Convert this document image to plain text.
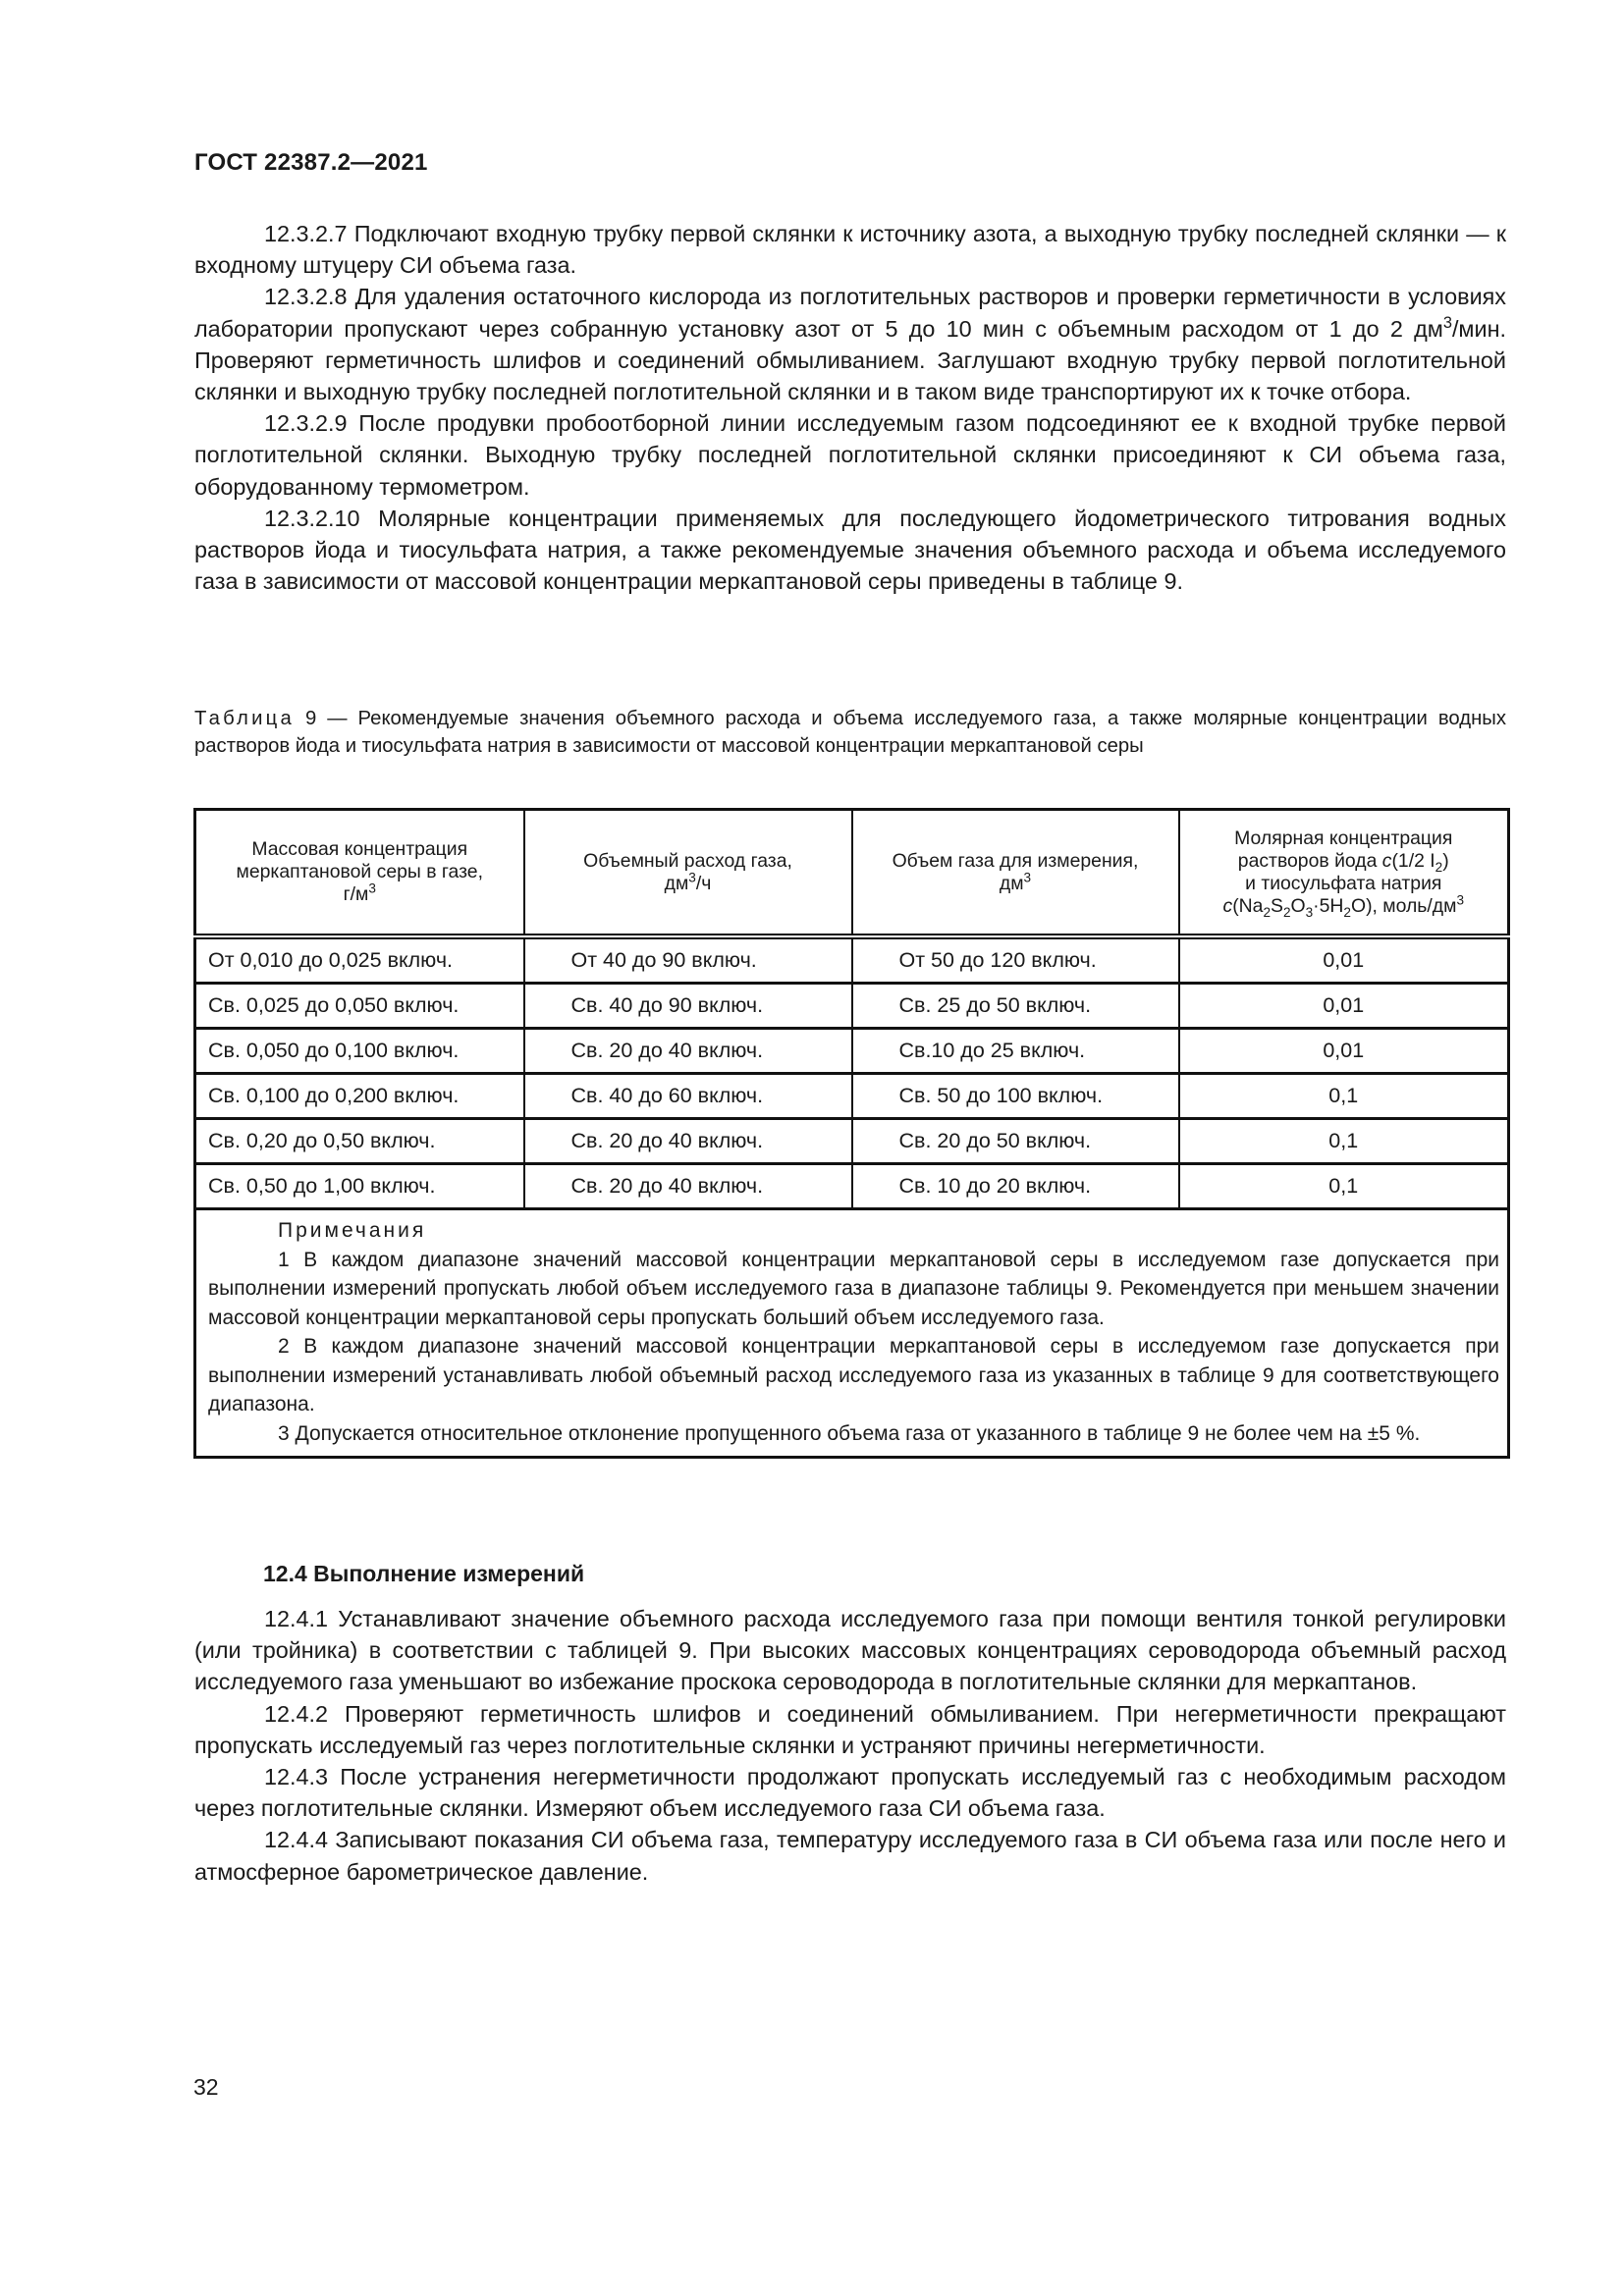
ГОСТ 22387.2—2021

12.3.2.7 Подключают входную трубку первой склянки к источнику азота, а выходную трубку последней склянки — к входному штуцеру СИ объема газа.

12.3.2.8 Для удаления остаточного кислорода из поглотительных растворов и проверки герметичности в условиях лаборатории пропускают через собранную установку азот от 5 до 10 мин с объемным расходом от 1 до 2 $дм^3$/мин. Проверяют герметичность шлифов и соединений обмыливанием. Заглушают входную трубку первой поглотительной склянки и выходную трубку последней поглотительной склянки и в таком виде транспортируют их к точке отбора.

12.3.2.9 После продувки пробоотборной линии исследуемым газом подсоединяют ее к входной трубке первой поглотительной склянки. Выходную трубку последней поглотительной склянки присоединяют к СИ объема газа, оборудованному термометром.

12.3.2.10 Молярные концентрации применяемых для последующего йодометрического титрования водных растворов йода и тиосульфата натрия, а также рекомендуемые значения объемного расхода и объема исследуемого газа в зависимости от массовой концентрации меркаптановой серы приведены в таблице 9.

Таблица 9 — Рекомендуемые значения объемного расхода и объема исследуемого газа, а также молярные концентрации водных растворов йода и тиосульфата натрия в зависимости от массовой концентрации меркаптановой серы
Массовая концентрация
меркаптановой серы в газе,
$г/м^3$	Объемный расход газа,
$дм^3/ч$	Объем газа для измерения,
$дм^3$	Молярная концентрация
растворов йода c(1/2 $I_2$)
и тиосульфата натрия
$c(Na_2S_2O_3\cdot 5H_2O)$, моль/$дм^3$
От 0,010 до 0,025 включ.	От 40 до 90 включ.	От 50 до 120 включ.	0,01
Св. 0,025 до 0,050 включ.	Св. 40 до 90 включ.	Св. 25 до 50 включ.	0,01
Св. 0,050 до 0,100 включ.	Св. 20 до 40 включ.	Св.10 до 25 включ.	0,01
Св. 0,100 до 0,200 включ.	Св. 40 до 60 включ.	Св. 50 до 100 включ.	0,1
Св. 0,20 до 0,50 включ.	Св. 20 до 40 включ.	Св. 20 до 50 включ.	0,1
Св. 0,50 до 1,00 включ.	Св. 20 до 40 включ.	Св. 10 до 20 включ.	0,1

Примечания

1 В каждом диапазоне значений массовой концентрации меркаптановой серы в исследуемом газе допускается при выполнении измерений пропускать любой объем исследуемого газа в диапазоне таблицы 9. Рекомендуется при меньшем значении массовой концентрации меркаптановой серы пропускать больший объем исследуемого газа.

2 В каждом диапазоне значений массовой концентрации меркаптановой серы в исследуемом газе допускается при выполнении измерений устанавливать любой объемный расход исследуемого газа из указанных в таблице 9 для соответствующего диапазона.

3 Допускается относительное отклонение пропущенного объема газа от указанного в таблице 9 не более чем на ±5 %.			

12.4 Выполнение измерений

12.4.1 Устанавливают значение объемного расхода исследуемого газа при помощи вентиля тонкой регулировки (или тройника) в соответствии с таблицей 9. При высоких массовых концентрациях сероводорода объемный расход исследуемого газа уменьшают во избежание проскока сероводорода в поглотительные склянки для меркаптанов.

12.4.2 Проверяют герметичность шлифов и соединений обмыливанием. При негерметичности прекращают пропускать исследуемый газ через поглотительные склянки и устраняют причины негерметичности.

12.4.3 После устранения негерметичности продолжают пропускать исследуемый газ с необходимым расходом через поглотительные склянки. Измеряют объем исследуемого газа СИ объема газа.

12.4.4 Записывают показания СИ объема газа, температуру исследуемого газа в СИ объема газа или после него и атмосферное барометрическое давление.

32
